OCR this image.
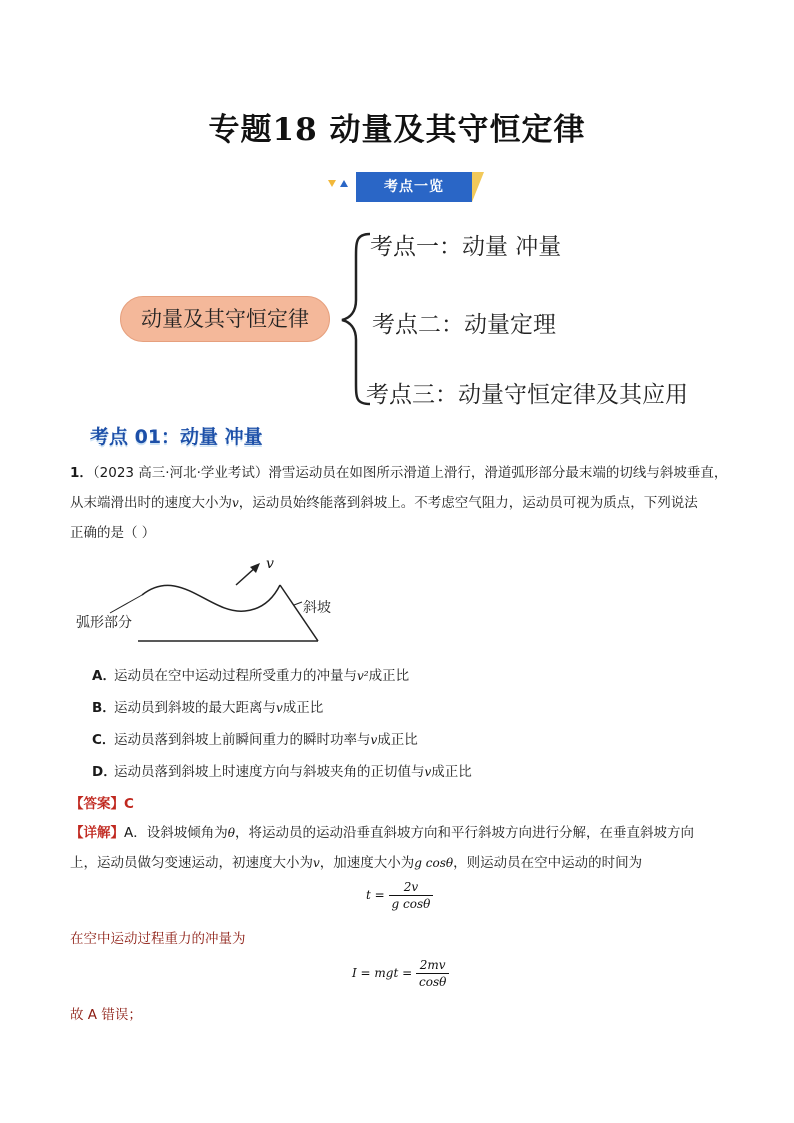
专题18 动量及其守恒定律
考点一览
动量及其守恒定律
考点一：动量 冲量
考点二：动量定理
考点三：动量守恒定律及其应用
考点 01：动量 冲量
1．（2023 高三·河北·学业考试）滑雪运动员在如图所示滑道上滑行，滑道弧形部分最末端的切线与斜坡垂直，
从末端滑出时的速度大小为v，运动员始终能落到斜坡上。不考虑空气阻力，运动员可视为质点，下列说法
正确的是（ ）
v
斜坡
弧形部分
A．运动员在空中运动过程所受重力的冲量与v²成正比
B．运动员到斜坡的最大距离与v成正比
C．运动员落到斜坡上前瞬间重力的瞬时功率与v成正比
D．运动员落到斜坡上时速度方向与斜坡夹角的正切值与v成正比
【答案】C
【详解】A．设斜坡倾角为θ，将运动员的运动沿垂直斜坡方向和平行斜坡方向进行分解，在垂直斜坡方向
上，运动员做匀变速运动，初速度大小为v，加速度大小为g cosθ，则运动员在空中运动的时间为
$t = \frac{2v}{\text{g cosθ}}$
在空中运动过程重力的冲量为
I = mgt = $\frac{2mv}{\cos\theta}$
故 A 错误；
